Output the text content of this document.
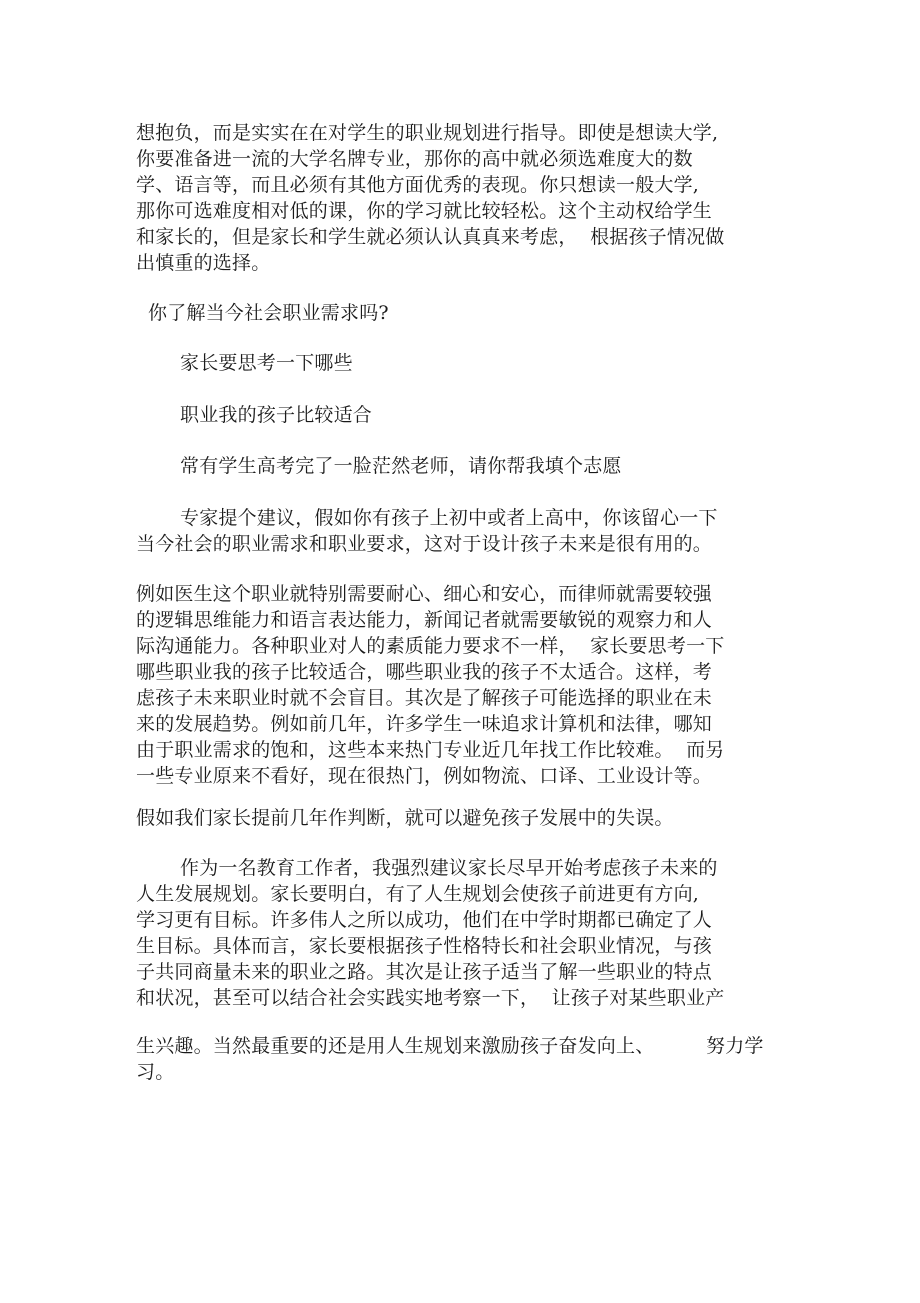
想抱负，而是实实在在对学生的职业规划进行指导。即使是想读大学,

你要准备进一流的大学名牌专业，那你的高中就必须选难度大的数

学、语言等，而且必须有其他方面优秀的表现。你只想读一般大学,

那你可选难度相对低的课，你的学习就比较轻松。这个主动权给学生

和家长的，但是家长和学生就必须认认真真来考虑，  根据孩子情况做

出慎重的选择。

你了解当今社会职业需求吗?

家长要思考一下哪些

职业我的孩子比较适合

常有学生高考完了一脸茫然老师，请你帮我填个志愿

专家提个建议，假如你有孩子上初中或者上高中，你该留心一下

当今社会的职业需求和职业要求，这对于设计孩子未来是很有用的。

例如医生这个职业就特别需要耐心、细心和安心，而律师就需要较强

的逻辑思维能力和语言表达能力，新闻记者就需要敏锐的观察力和人

际沟通能力。各种职业对人的素质能力要求不一样，  家长要思考一下

哪些职业我的孩子比较适合，哪些职业我的孩子不太适合。这样，考

虑孩子未来职业时就不会盲目。其次是了解孩子可能选择的职业在未

来的发展趋势。例如前几年，许多学生一味追求计算机和法律，哪知

由于职业需求的饱和，这些本来热门专业近几年找工作比较难。  而另

一些专业原来不看好，现在很热门，例如物流、口译、工业设计等。

假如我们家长提前几年作判断，就可以避免孩子发展中的失误。

作为一名教育工作者，我强烈建议家长尽早开始考虑孩子未来的

人生发展规划。家长要明白，有了人生规划会使孩子前进更有方向,

学习更有目标。许多伟人之所以成功，他们在中学时期都已确定了人

生目标。具体而言，家长要根据孩子性格特长和社会职业情况，与孩

子共同商量未来的职业之路。其次是让孩子适当了解一些职业的特点

和状况，甚至可以结合社会实践实地考察一下，  让孩子对某些职业产

生兴趣。当然最重要的还是用人生规划来激励孩子奋发向上、	努力学

习。
